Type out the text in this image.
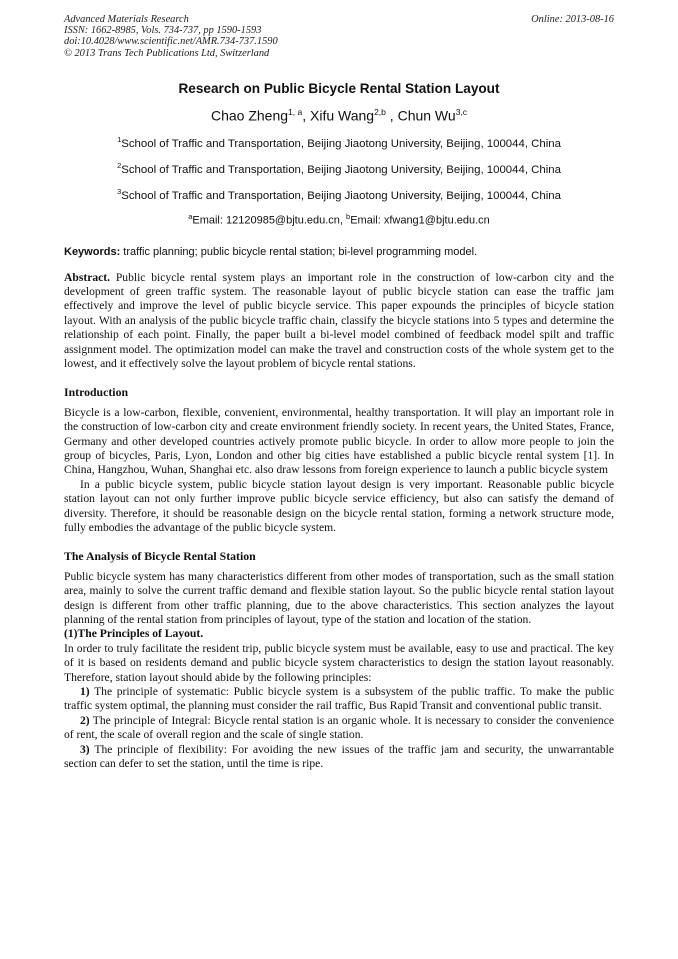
Advanced Materials Research
ISSN: 1662-8985, Vols. 734-737, pp 1590-1593
doi:10.4028/www.scientific.net/AMR.734-737.1590
© 2013 Trans Tech Publications Ltd, Switzerland
Online: 2013-08-16
Research on Public Bicycle Rental Station Layout
Chao Zheng$^{1, a}$, Xifu Wang$^{2,b}$ , Chun Wu$^{3,c}$
$^1$School of Traffic and Transportation, Beijing Jiaotong University, Beijing, 100044, China
$^2$School of Traffic and Transportation, Beijing Jiaotong University, Beijing, 100044, China
$^3$School of Traffic and Transportation, Beijing Jiaotong University, Beijing, 100044, China
$^a$Email: 12120985@bjtu.edu.cn, $^b$Email: xfwang1@bjtu.edu.cn
Keywords: traffic planning; public bicycle rental station; bi-level programming model.

Abstract. Public bicycle rental system plays an important role in the construction of low-carbon city and the development of green traffic system. The reasonable layout of public bicycle station can ease the traffic jam effectively and improve the level of public bicycle service. This paper expounds the principles of bicycle station layout. With an analysis of the public bicycle traffic chain, classify the bicycle stations into 5 types and determine the relationship of each point. Finally, the paper built a bi-level model combined of feedback model spilt and traffic assignment model. The optimization model can make the travel and construction costs of the whole system get to the lowest, and it effectively solve the layout problem of bicycle rental stations.

Introduction

Bicycle is a low-carbon, flexible, convenient, environmental, healthy transportation. It will play an important role in the construction of low-carbon city and create environment friendly society. In recent years, the United States, France, Germany and other developed countries actively promote public bicycle. In order to allow more people to join the group of bicycles, Paris, Lyon, London and other big cities have established a public bicycle rental system [1]. In China, Hangzhou, Wuhan, Shanghai etc. also draw lessons from foreign experience to launch a public bicycle system

In a public bicycle system, public bicycle station layout design is very important. Reasonable public bicycle station layout can not only further improve public bicycle service efficiency, but also can satisfy the demand of diversity. Therefore, it should be reasonable design on the bicycle rental station, forming a network structure mode, fully embodies the advantage of the public bicycle system.

The Analysis of Bicycle Rental Station

Public bicycle system has many characteristics different from other modes of transportation, such as the small station area, mainly to solve the current traffic demand and flexible station layout. So the public bicycle rental station layout design is different from other traffic planning, due to the above characteristics. This section analyzes the layout planning of the rental station from principles of layout, type of the station and location of the station.

(1)The Principles of Layout.

In order to truly facilitate the resident trip, public bicycle system must be available, easy to use and practical. The key of it is based on residents demand and public bicycle system characteristics to design the station layout reasonably. Therefore, station layout should abide by the following principles:

1) The principle of systematic: Public bicycle system is a subsystem of the public traffic. To make the public traffic system optimal, the planning must consider the rail traffic, Bus Rapid Transit and conventional public transit.

2) The principle of Integral: Bicycle rental station is an organic whole. It is necessary to consider the convenience of rent, the scale of overall region and the scale of single station.

3) The principle of flexibility: For avoiding the new issues of the traffic jam and security, the unwarrantable section can defer to set the station, until the time is ripe.
